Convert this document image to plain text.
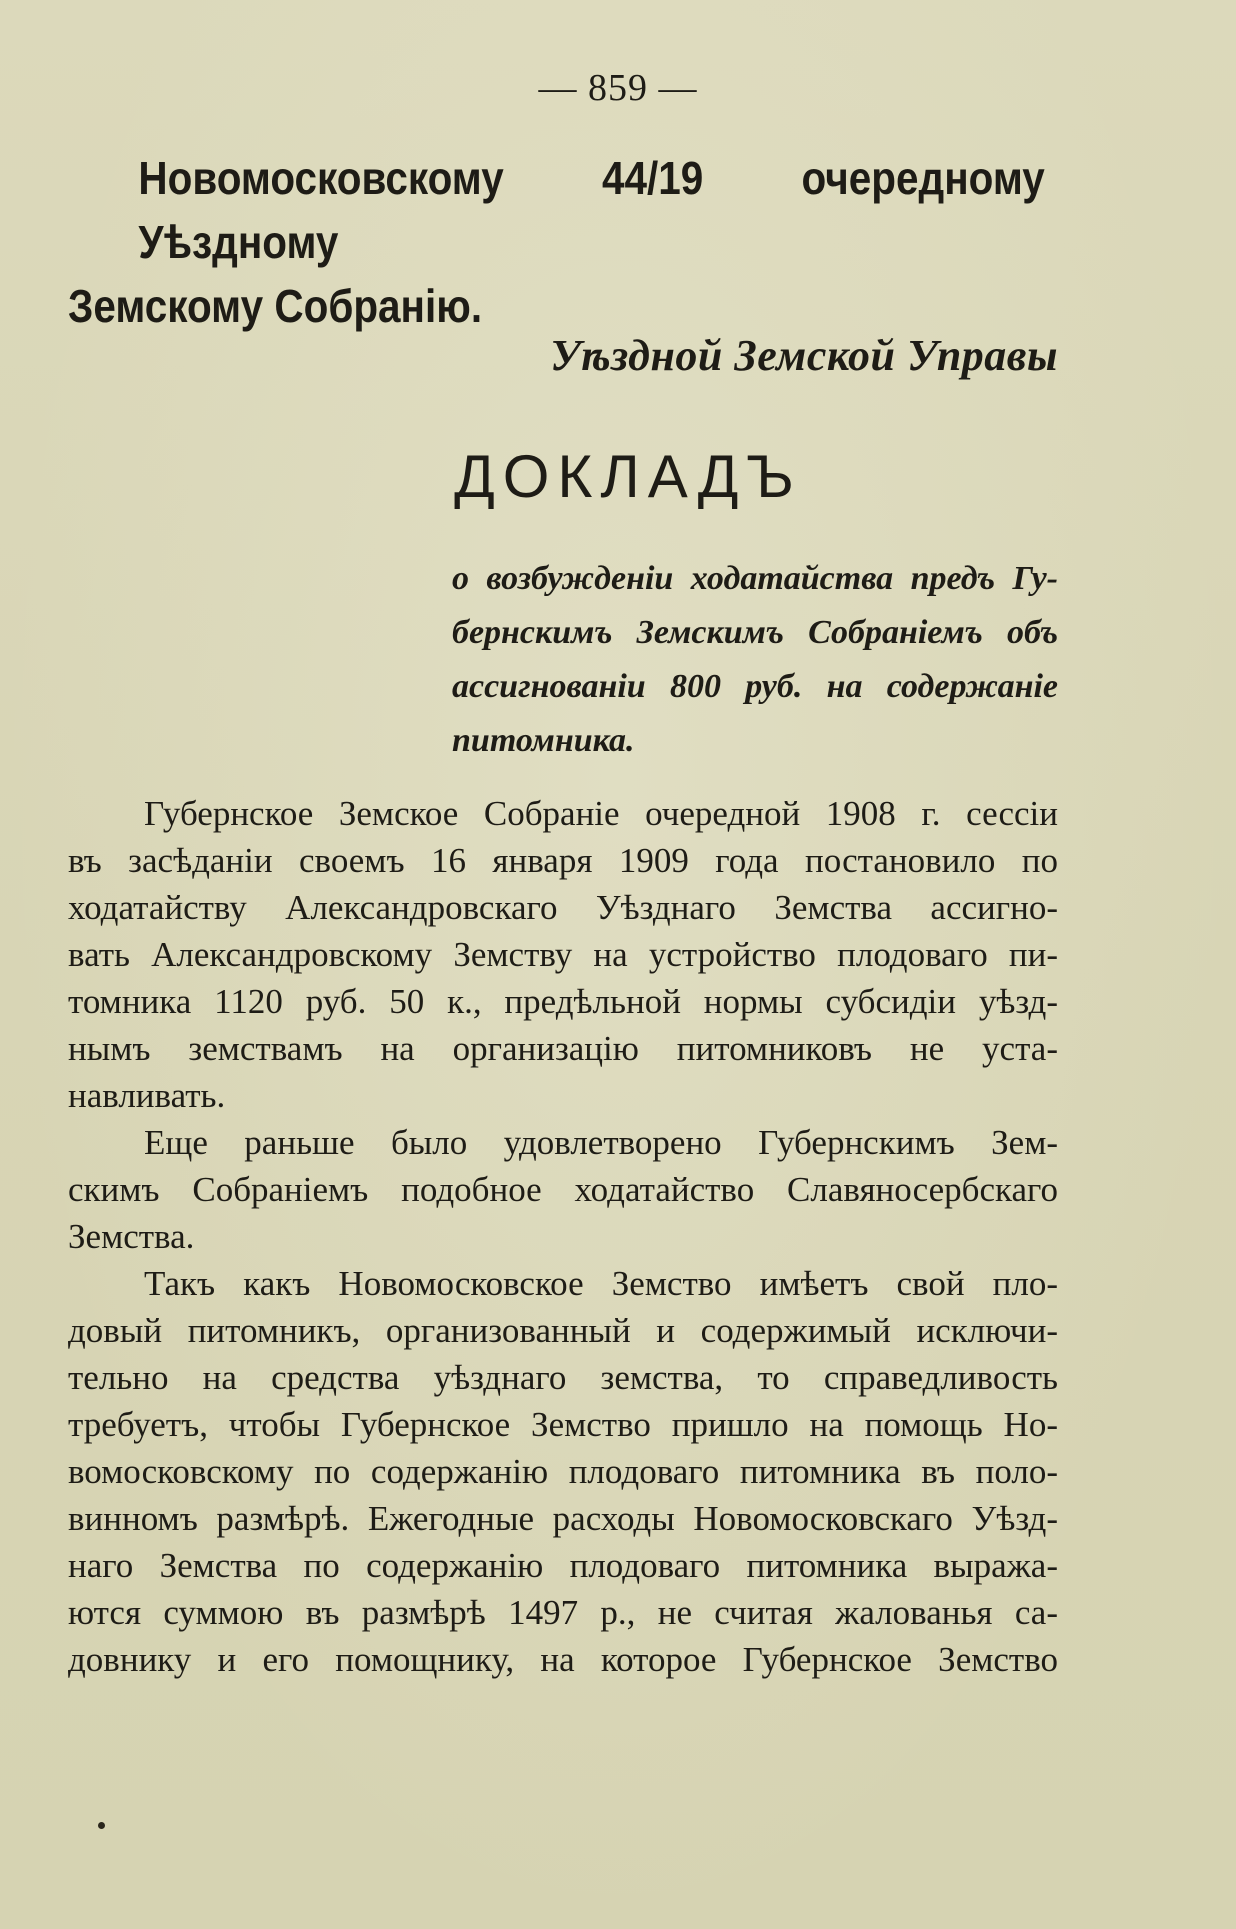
— 859 —
Новомосковскому 44/19 очередному Уѣздному
Земскому Собранію.
Уѣздной Земской Управы
ДОКЛАДЪ
о возбужденіи ходатайства предъ Гу-
бернскимъ Земскимъ Собраніемъ объ
ассигнованіи 800 руб. на содержаніе
питомника.
Губернское Земское Собраніе очередной 1908 г. сессіи
въ засѣданіи своемъ 16 января 1909 года постановило по
ходатайству Александровскаго Уѣзднаго Земства ассигно-
вать Александровскому Земству на устройство плодоваго пи-
томника 1120 руб. 50 к., предѣльной нормы субсидіи уѣзд-
нымъ земствамъ на организацію питомниковъ не уста-
навливать.
Еще раньше было удовлетворено Губернскимъ Зем-
скимъ Собраніемъ подобное ходатайство Славяносербскаго
Земства.
Такъ какъ Новомосковское Земство имѣетъ свой пло-
довый питомникъ, организованный и содержимый исключи-
тельно на средства уѣзднаго земства, то справедливость
требуетъ, чтобы Губернское Земство пришло на помощь Но-
вомосковскому по содержанію плодоваго питомника въ поло-
винномъ размѣрѣ. Ежегодные расходы Новомосковскаго Уѣзд-
наго Земства по содержанію плодоваго питомника выража-
ются суммою въ размѣрѣ 1497 р., не считая жалованья са-
довнику и его помощнику, на которое Губернское Земство
